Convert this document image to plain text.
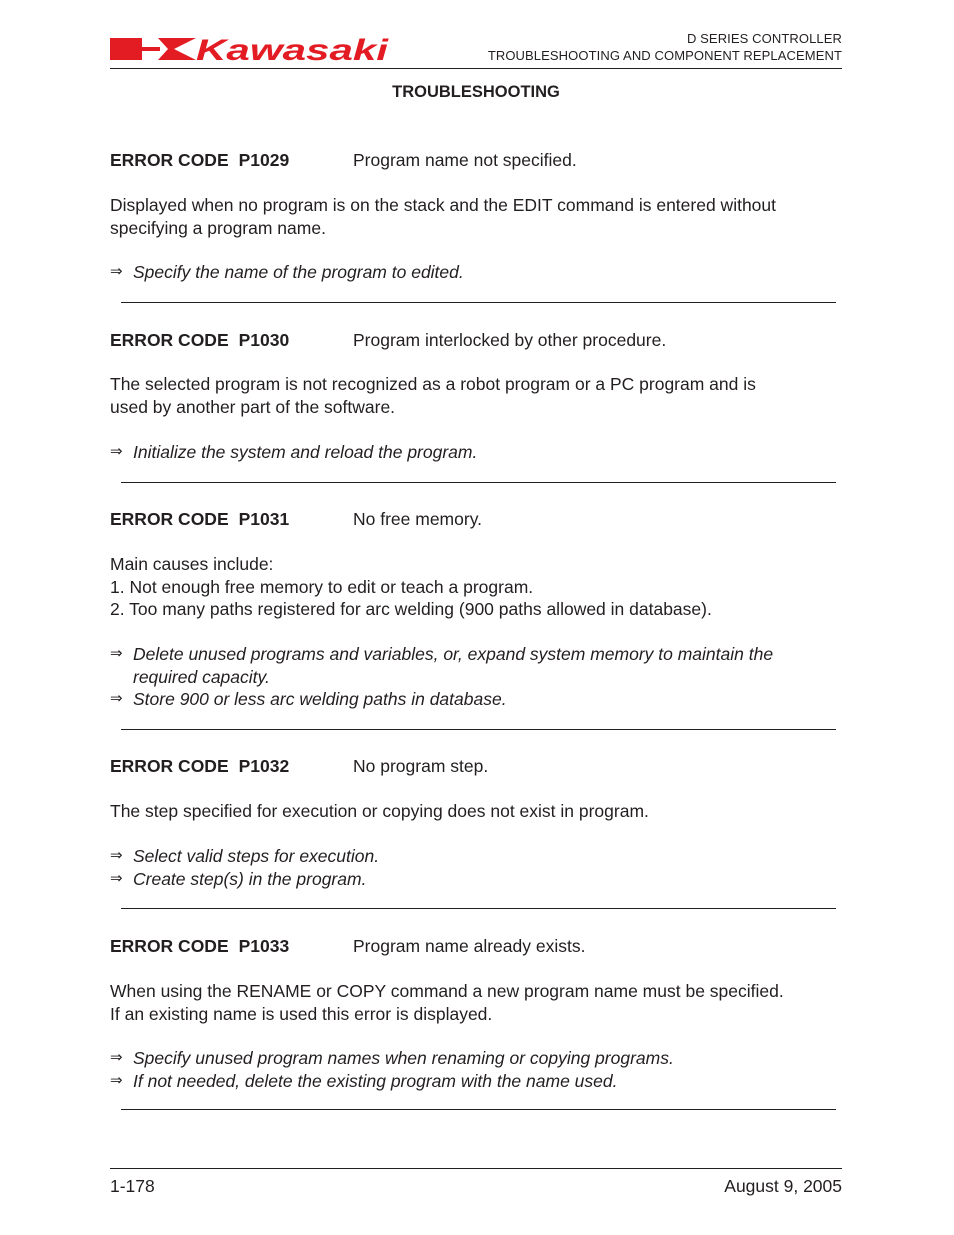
Kawasaki	D SERIES CONTROLLER
TROUBLESHOOTING AND COMPONENT REPLACEMENT
TROUBLESHOOTING
ERROR CODE P1029	Program name not specified.
Displayed when no program is on the stack and the EDIT command is entered without
specifying a program name.
⇒ Specify the name of the program to edited.
ERROR CODE P1030	Program interlocked by other procedure.
The selected program is not recognized as a robot program or a PC program and is
used by another part of the software.
⇒ Initialize the system and reload the program.
ERROR CODE P1031	No free memory.
Main causes include:
1. Not enough free memory to edit or teach a program.
2. Too many paths registered for arc welding (900 paths allowed in database).
⇒ Delete unused programs and variables, or, expand system memory to maintain the
required capacity.
⇒ Store 900 or less arc welding paths in database.
ERROR CODE P1032	No program step.
The step specified for execution or copying does not exist in program.
⇒ Select valid steps for execution.
⇒ Create step(s) in the program.
ERROR CODE P1033	Program name already exists.
When using the RENAME or COPY command a new program name must be specified.
If an existing name is used this error is displayed.
⇒ Specify unused program names when renaming or copying programs.
⇒ If not needed, delete the existing program with the name used.
1-178	August 9, 2005
